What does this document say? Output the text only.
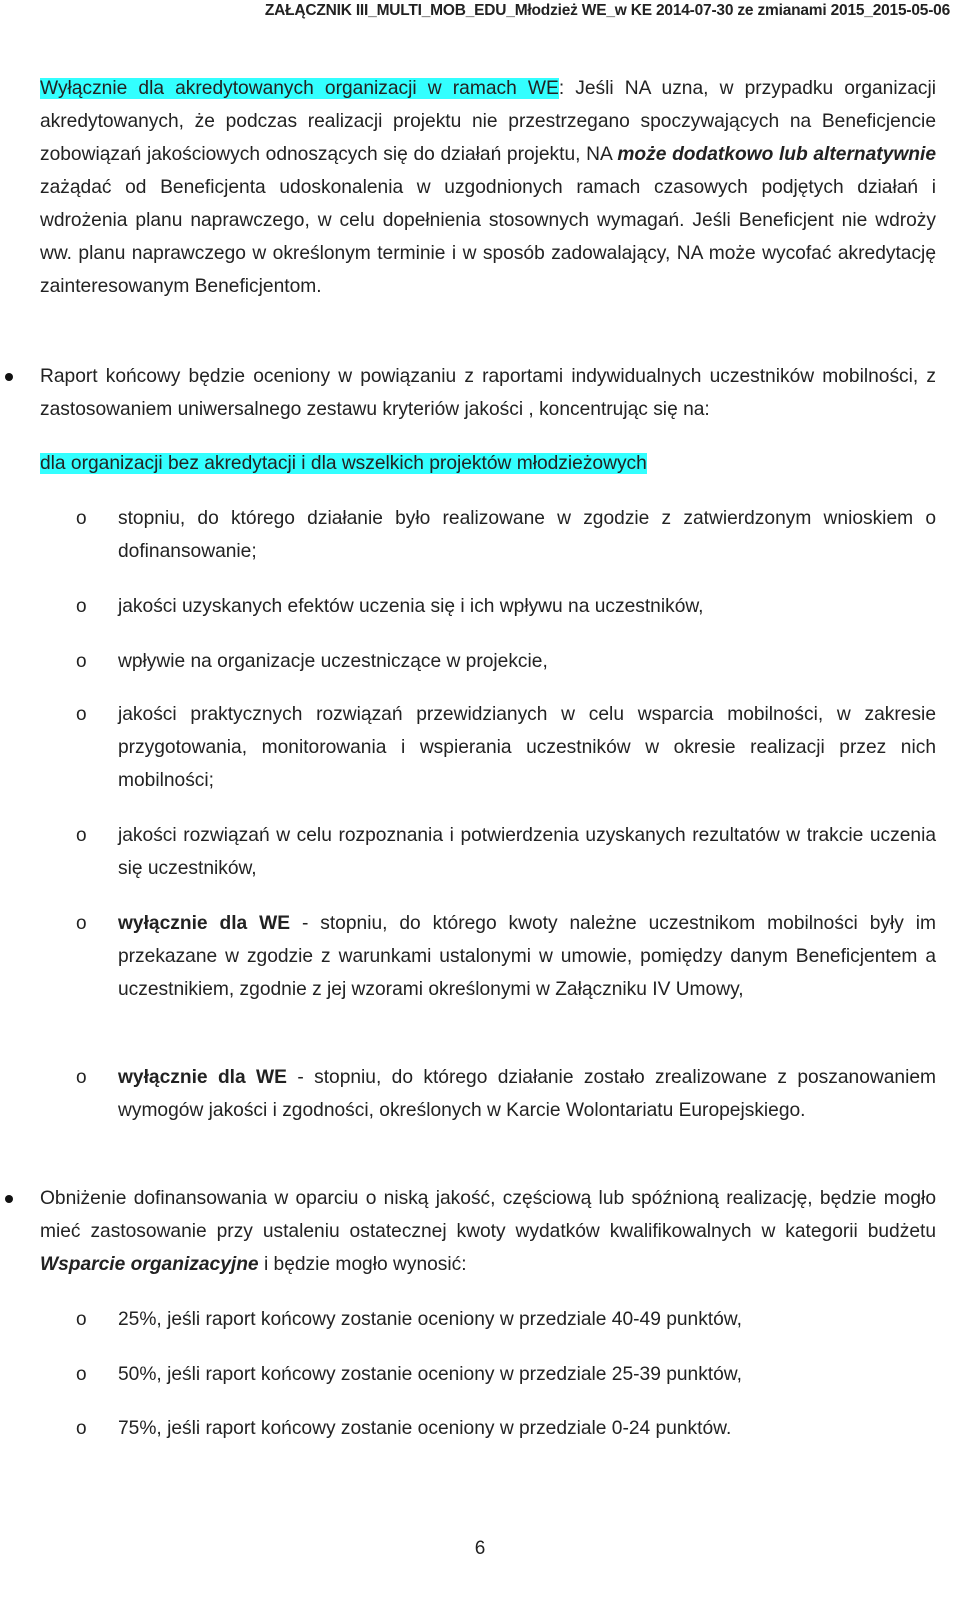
ZAŁĄCZNIK III_MULTI_MOB_EDU_Młodzież WE_w KE 2014-07-30 ze zmianami 2015_2015-05-06

Wyłącznie dla akredytowanych organizacji w ramach WE: Jeśli NA uzna, w przypadku organizacji akredytowanych, że podczas realizacji projektu nie przestrzegano spoczywających na Beneficjencie zobowiązań jakościowych odnoszących się do działań projektu, NA może dodatkowo lub alternatywnie zażądać od Beneficjenta udoskonalenia w uzgodnionych ramach czasowych podjętych działań i wdrożenia planu naprawczego, w celu dopełnienia stosownych wymagań. Jeśli Beneficjent nie wdroży ww. planu naprawczego w określonym terminie i w sposób zadowalający, NA może wycofać akredytację zainteresowanym Beneficjentom.

Raport końcowy będzie oceniony w powiązaniu z raportami indywidualnych uczestników mobilności, z zastosowaniem uniwersalnego zestawu kryteriów jakości , koncentrując się na:

dla organizacji bez akredytacji i dla wszelkich projektów młodzieżowych
o stopniu, do którego działanie było realizowane w zgodzie z zatwierdzonym wnioskiem o dofinansowanie;

o jakości uzyskanych efektów uczenia się i ich wpływu na uczestników,

o wpływie na organizacje uczestniczące w projekcie,

o jakości praktycznych rozwiązań przewidzianych w celu wsparcia mobilności, w zakresie przygotowania, monitorowania i wspierania uczestników w okresie realizacji przez nich mobilności;

o jakości rozwiązań w celu rozpoznania i potwierdzenia uzyskanych rezultatów w trakcie uczenia się uczestników,

o wyłącznie dla WE - stopniu, do którego kwoty należne uczestnikom mobilności były im przekazane w zgodzie z warunkami ustalonymi w umowie, pomiędzy danym Beneficjentem a uczestnikiem, zgodnie z jej wzorami określonymi w Załączniku IV Umowy,

o wyłącznie dla WE - stopniu, do którego działanie zostało zrealizowane z poszanowaniem wymogów jakości i zgodności, określonych w Karcie Wolontariatu Europejskiego.

Obniżenie dofinansowania w oparciu o niską jakość, częściową lub spóźnioną realizację, będzie mogło mieć zastosowanie przy ustaleniu ostatecznej kwoty wydatków kwalifikowalnych w kategorii budżetu Wsparcie organizacyjne i będzie mogło wynosić:

o 25%, jeśli raport końcowy zostanie oceniony w przedziale 40-49 punktów,

o 50%, jeśli raport końcowy zostanie oceniony w przedziale 25-39 punktów,

o 75%, jeśli raport końcowy zostanie oceniony w przedziale 0-24 punktów.

6
